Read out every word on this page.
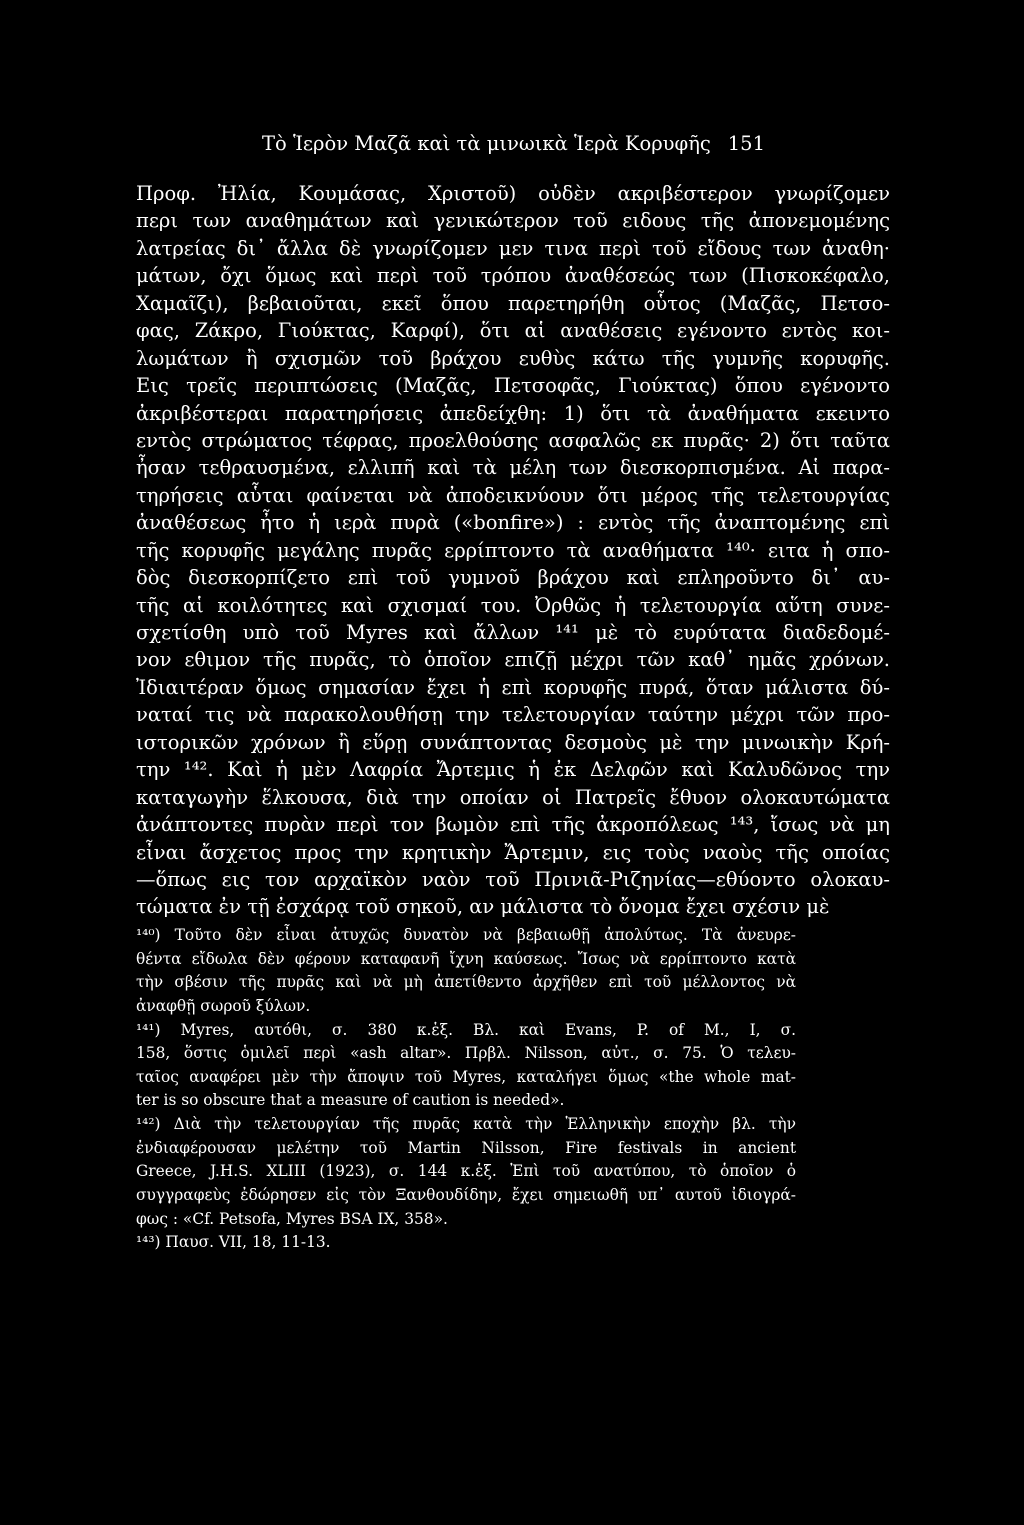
Τὸ Ἱερὸν Μαζᾶ καὶ τὰ μινωικὰ Ἱερὰ Κορυφῆς 151
Προφ. Ἠλία, Κουμάσας, Χριστοῦ) οὐδὲν ακριβέστερον γνωρίζομεν
περι των αναθημάτων καὶ γενικώτερον τοῦ ειδους τῆς ἀπονεμομένης
λατρείας δι᾽ ἄλλα δὲ γνωρίζομεν μεν τινα περὶ τοῦ εἴδους των ἀναθη·
μάτων, ὄχι ὅμως καὶ περὶ τοῦ τρόπου ἀναθέσεώς των (Πισκοκέφαλο,
Χαμαῖζι), βεβαιοῦται, εκεῖ ὅπου παρετηρήθη οὗτος (Μαζᾶς, Πετσο-
φας, Ζάκρο, Γιούκτας, Καρφί), ὅτι αἱ αναθέσεις εγένοντο εντὸς κοι-
λωμάτων ἢ σχισμῶν τοῦ βράχου ευθὺς κάτω τῆς γυμνῆς κορυφῆς.
Εις τρεῖς περιπτώσεις (Μαζᾶς, Πετσοφᾶς, Γιούκτας) ὅπου εγένοντο
ἀκριβέστεραι παρατηρήσεις ἀπεδείχθη: 1) ὅτι τὰ ἀναθήματα εκειντο
εντὸς στρώματος τέφρας, προελθούσης ασφαλῶς εκ πυρᾶς· 2) ὅτι ταῦτα
ἦσαν τεθραυσμένα, ελλιπῆ καὶ τὰ μέλη των διεσκορπισμένα. Αἱ παρα-
τηρήσεις αὗται φαίνεται νὰ ἀποδεικνύουν ὅτι μέρος τῆς τελετουργίας
ἀναθέσεως ἦτο ἡ ιερὰ πυρὰ («bonfire») : εντὸς τῆς ἀναπτομένης επὶ
τῆς κορυφῆς μεγάλης πυρᾶς ερρίπτοντο τὰ αναθήματα ¹⁴⁰· ειτα ἡ σπο-
δὸς διεσκορπίζετο επὶ τοῦ γυμνοῦ βράχου καὶ επληροῦντο δι᾽ αυ-
τῆς αἱ κοιλότητες καὶ σχισμαί του. Ὀρθῶς ἡ τελετουργία αὕτη συνε-
σχετίσθη υπὸ τοῦ Myres καὶ ἄλλων ¹⁴¹ μὲ τὸ ευρύτατα διαδεδομέ-
νον εθιμον τῆς πυρᾶς, τὸ ὁποῖον επιζῇ μέχρι τῶν καθ᾽ ημᾶς χρόνων.
Ἰδιαιτέραν ὅμως σημασίαν ἔχει ἡ επὶ κορυφῆς πυρά, ὅταν μάλιστα δύ-
ναταί τις νὰ παρακολουθήσῃ την τελετουργίαν ταύτην μέχρι τῶν προ-
ιστορικῶν χρόνων ἢ εὕρῃ συνάπτοντας δεσμοὺς μὲ την μινωικὴν Κρή-
την ¹⁴². Καὶ ἡ μὲν Λαφρία Ἄρτεμις ἡ ἐκ Δελφῶν καὶ Καλυδῶνος την
καταγωγὴν ἕλκουσα, διὰ την οποίαν οἱ Πατρεῖς ἔθυον ολοκαυτώματα
ἀνάπτοντες πυρὰν περὶ τον βωμὸν επὶ τῆς ἀκροπόλεως ¹⁴³, ἴσως νὰ μη
εἶναι ἄσχετος προς την κρητικὴν Ἄρτεμιν, εις τοὺς ναοὺς τῆς οποίας
—ὅπως εις τον αρχαϊκὸν ναὸν τοῦ Πρινιᾶ-Ριζηνίας—εθύοντο ολοκαυ-
τώματα ἐν τῇ ἐσχάρᾳ τοῦ σηκοῦ, αν μάλιστα τὸ ὄνομα ἔχει σχέσιν μὲ
¹⁴⁰) Τοῦτο δὲν εἶναι ἀτυχῶς δυνατὸν νὰ βεβαιωθῇ ἀπολύτως. Τὰ ἀνευρε-
θέντα εἴδωλα δὲν φέρουν καταφανῆ ἴχνη καύσεως. Ἴσως νὰ ερρίπτοντο κατὰ
τὴν σβέσιν τῆς πυρᾶς καὶ νὰ μὴ ἀπετίθεντο ἀρχῆθεν επὶ τοῦ μέλλοντος νὰ
ἀναφθῇ σωροῦ ξύλων.
¹⁴¹) Myres, αυτόθι, σ. 380 κ.ἑξ. Βλ. καὶ Evans, P. of M., I, σ.
158, ὅστις ὁμιλεῖ περὶ «ash altar». Πρβλ. Nilsson, αὐτ., σ. 75. Ὁ τελευ-
ταῖος αναφέρει μὲν τὴν ἄποψιν τοῦ Myres, καταλήγει ὅμως «the whole mat-
ter is so obscure that a measure of caution is needed».
¹⁴²) Διὰ τὴν τελετουργίαν τῆς πυρᾶς κατὰ τὴν Ἑλληνικὴν εποχὴν βλ. τὴν
ἐνδιαφέρουσαν μελέτην τοῦ Martin Nilsson, Fire festivals in ancient
Greece, J.H.S. XLIII (1923), σ. 144 κ.ἑξ. Ἐπὶ τοῦ ανατύπου, τὸ ὁποῖον ὁ
συγγραφεὺς ἐδώρησεν εἰς τὸν Ξανθουδίδην, ἔχει σημειωθῆ υπ᾽ αυτοῦ ἰδιογρά-
φως : «Cf. Petsofa, Myres BSA IX, 358».
¹⁴³) Παυσ. VII, 18, 11-13.
